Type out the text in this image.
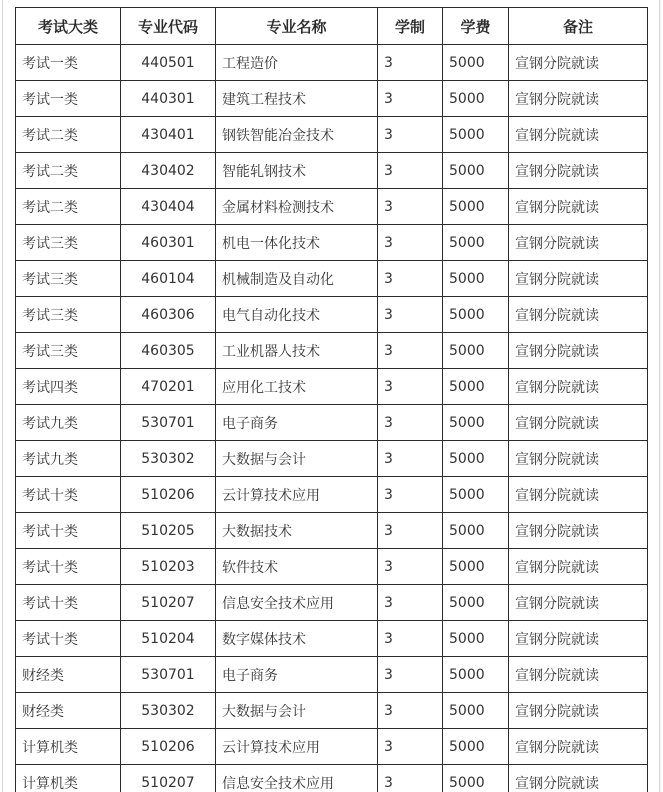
考试大类	专业代码	专业名称	学制	学费	备注
考试一类	440501	工程造价	3	5000	宣钢分院就读
考试一类	440301	建筑工程技术	3	5000	宣钢分院就读
考试二类	430401	钢铁智能冶金技术	3	5000	宣钢分院就读
考试二类	430402	智能轧钢技术	3	5000	宣钢分院就读
考试二类	430404	金属材料检测技术	3	5000	宣钢分院就读
考试三类	460301	机电一体化技术	3	5000	宣钢分院就读
考试三类	460104	机械制造及自动化	3	5000	宣钢分院就读
考试三类	460306	电气自动化技术	3	5000	宣钢分院就读
考试三类	460305	工业机器人技术	3	5000	宣钢分院就读
考试四类	470201	应用化工技术	3	5000	宣钢分院就读
考试九类	530701	电子商务	3	5000	宣钢分院就读
考试九类	530302	大数据与会计	3	5000	宣钢分院就读
考试十类	510206	云计算技术应用	3	5000	宣钢分院就读
考试十类	510205	大数据技术	3	5000	宣钢分院就读
考试十类	510203	软件技术	3	5000	宣钢分院就读
考试十类	510207	信息安全技术应用	3	5000	宣钢分院就读
考试十类	510204	数字媒体技术	3	5000	宣钢分院就读
财经类	530701	电子商务	3	5000	宣钢分院就读
财经类	530302	大数据与会计	3	5000	宣钢分院就读
计算机类	510206	云计算技术应用	3	5000	宣钢分院就读
计算机类	510207	信息安全技术应用	3	5000	宣钢分院就读
